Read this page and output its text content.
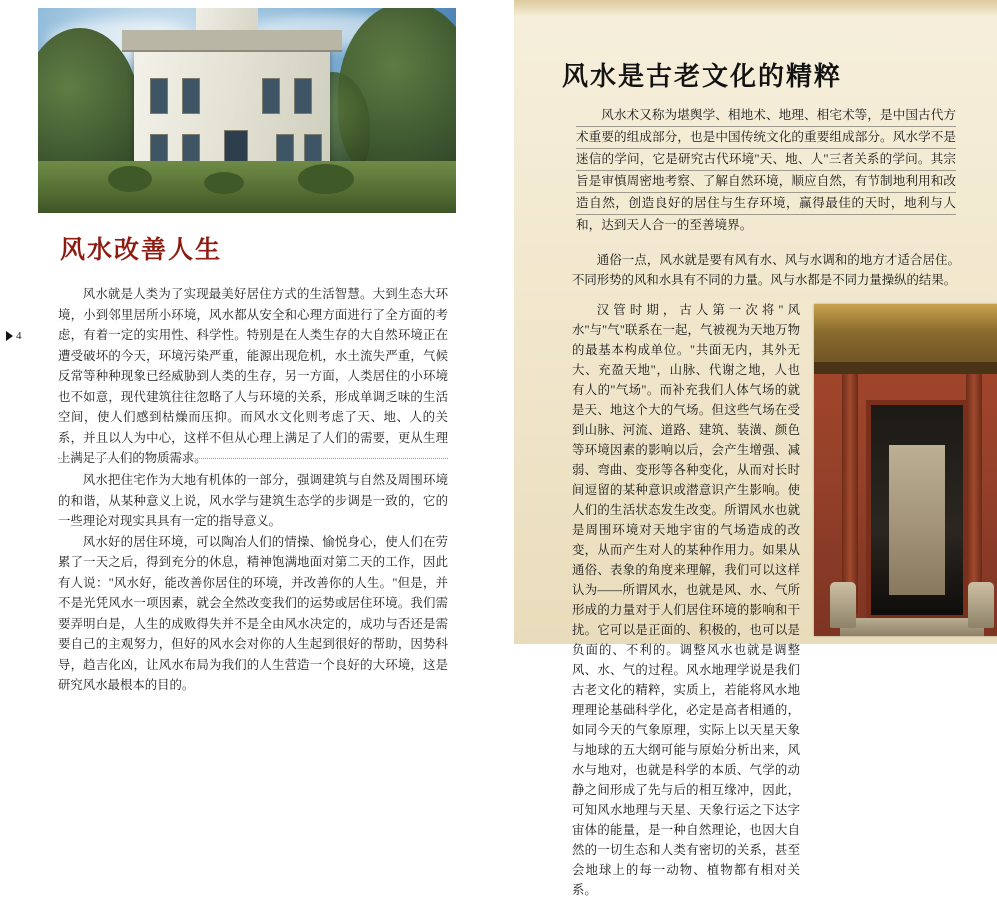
4
风水改善人生

风水就是人类为了实现最美好居住方式的生活智慧。大到生态大环境，小到邻里居所小环境，风水都从安全和心理方面进行了全方面的考虑，有着一定的实用性、科学性。特别是在人类生存的大自然环境正在遭受破坏的今天，环境污染严重，能源出现危机，水土流失严重，气候反常等种种现象已经威胁到人类的生存，另一方面，人类居住的小环境也不如意，现代建筑往往忽略了人与环境的关系，形成单调乏味的生活空间，使人们感到枯燥而压抑。而风水文化则考虑了天、地、人的关系，并且以人为中心，这样不但从心理上满足了人们的需要，更从生理上满足了人们的物质需求。

风水把住宅作为大地有机体的一部分，强调建筑与自然及周围环境的和谐，从某种意义上说，风水学与建筑生态学的步调是一致的，它的一些理论对现实具具有一定的指导意义。

风水好的居住环境，可以陶冶人们的情操、愉悦身心，使人们在劳累了一天之后，得到充分的休息，精神饱满地面对第二天的工作，因此有人说："风水好，能改善你居住的环境，并改善你的人生。"但是，并不是光凭风水一项因素，就会全然改变我们的运势或居住环境。我们需要弄明白是，人生的成败得失并不是全由风水决定的，成功与否还是需要自己的主观努力，但好的风水会对你的人生起到很好的帮助，因势科导，趋吉化凶，让风水布局为我们的人生营造一个良好的大环境，这是研究风水最根本的目的。

风水是古老文化的精粹

风水术又称为堪舆学、相地术、地理、相宅术等，是中国古代方术重要的组成部分，也是中国传统文化的重要组成部分。风水学不是迷信的学问，它是研究古代环境"天、地、人"三者关系的学问。其宗旨是审慎周密地考察、了解自然环境，顺应自然，有节制地利用和改造自然，创造良好的居住与生存环境，赢得最佳的天时，地利与人和，达到天人合一的至善境界。

通俗一点，风水就是要有风有水、风与水调和的地方才适合居住。不同形势的风和水具有不同的力量。风与水都是不同力量操纵的结果。

汉管时期，古人第一次将"风水"与"气"联系在一起，气被视为天地万物的最基本构成单位。"共面无内，其外无大、充盈天地"，山脉、代谢之地，人也有人的"气场"。而补充我们人体气场的就是天、地这个大的气场。但这些气场在受到山脉、河流、道路、建筑、装潢、颜色等环境因素的影响以后，会产生增强、减弱、弯曲、变形等各种变化，从而对长时间逗留的某种意识或潜意识产生影响。使人们的生活状态发生改变。所谓风水也就是周围环境对天地宇宙的气场造成的改变，从而产生对人的某种作用力。如果从通俗、表象的角度来理解，我们可以这样认为——所谓风水，也就是风、水、气所形成的力量对于人们居住环境的影响和干扰。它可以是正面的、积极的，也可以是负面的、不利的。调整风水也就是调整风、水、气的过程。风水地理学说是我们古老文化的精粹，实质上，若能将风水地理理论基础科学化，必定是高者相通的，如同今天的气象原理，实际上以天星天象与地球的五大纲可能与原始分析出来，风水与地对，也就是科学的本质、气学的动静之间形成了先与后的相互缘冲，因此，可知风水地理与天星、天象行运之下达字宙体的能量，是一种自然理论，也因大自然的一切生态和人类有密切的关系，甚至会地球上的每一动物、植物都有相对关系。
